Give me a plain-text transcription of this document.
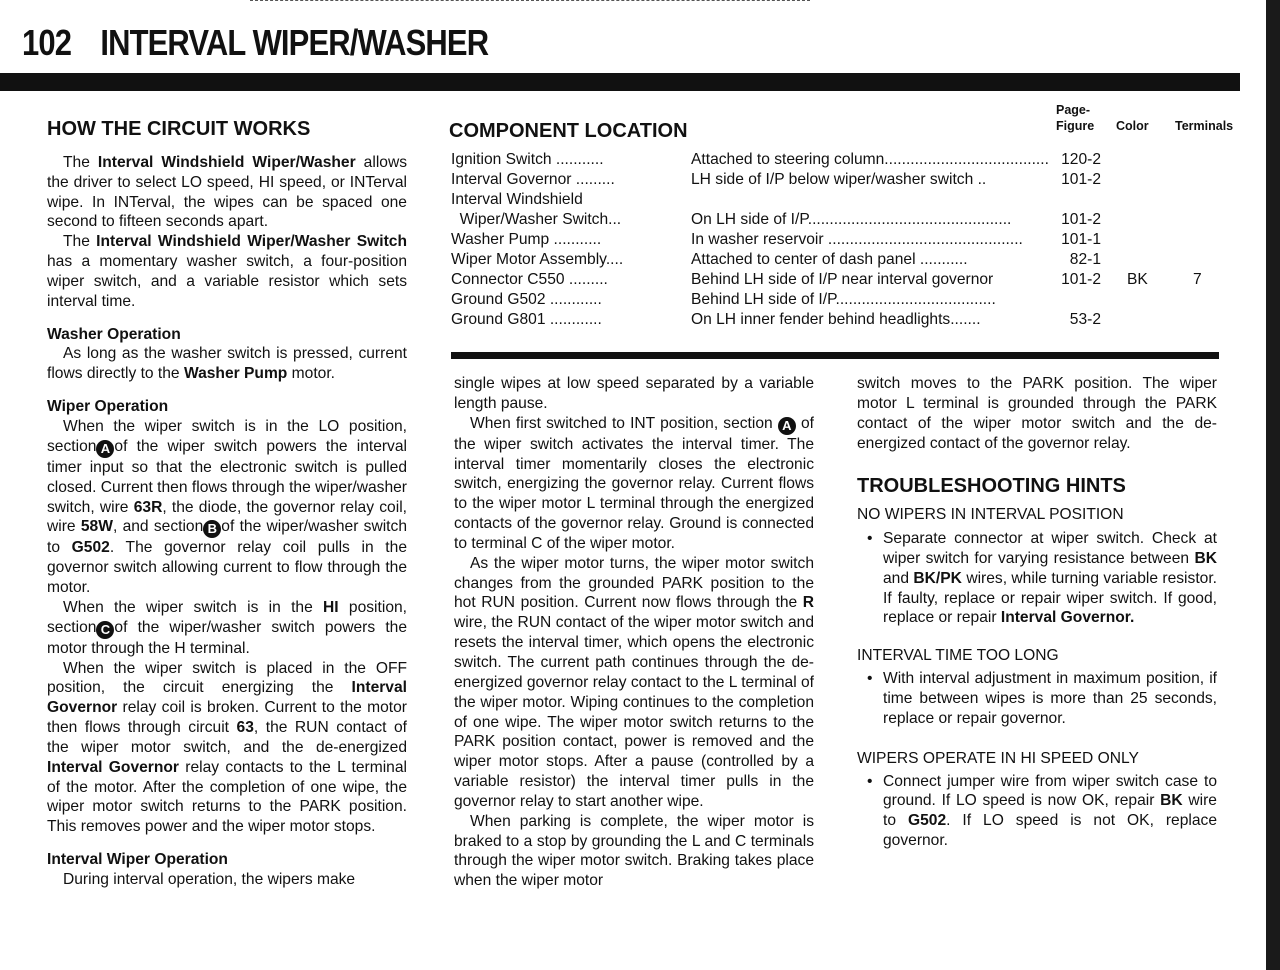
102 INTERVAL WIPER/WASHER
HOW THE CIRCUIT WORKS

The Interval Windshield Wiper/Washer allows the driver to select LO speed, HI speed, or INTerval wipe. In INTerval, the wipes can be spaced one second to fifteen seconds apart.

The Interval Windshield Wiper/Washer Switch has a momentary washer switch, a four-position wiper switch, and a variable resistor which sets interval time.

Washer Operation

As long as the washer switch is pressed, current flows directly to the Washer Pump motor.

Wiper Operation

When the wiper switch is in the LO position, section A of the wiper switch powers the interval timer input so that the electronic switch is pulled closed. Current then flows through the wiper/washer switch, wire 63R, the diode, the governor relay coil, wire 58W, and section B of the wiper/washer switch to G502. The governor relay coil pulls in the governor switch allowing current to flow through the motor.

When the wiper switch is in the HI position, section C of the wiper/washer switch powers the motor through the H terminal.

When the wiper switch is placed in the OFF position, the circuit energizing the Interval Governor relay coil is broken. Current to the motor then flows through circuit 63, the RUN contact of the wiper motor switch, and the de-energized Interval Governor relay contacts to the L terminal of the motor. After the completion of one wipe, the wiper motor switch returns to the PARK position. This removes power and the wiper motor stops.

Interval Wiper Operation

During interval operation, the wipers make

COMPONENT LOCATION
Page-
Figure Color Terminals
Ignition Switch ...........	Attached to steering column...................................... 120-2
Interval Governor .........	LH side of I/P below wiper/washer switch ..	101-2
Interval Windshield
Wiper/Washer Switch...	On LH side of I/P...............................................	101-2
Washer Pump ...........	In washer reservoir .............................................	101-1
Wiper Motor Assembly....	Attached to center of dash panel ...........	82-1
Connector C550 .........	Behind LH side of I/P near interval governor	101-2 BK	7
Ground G502 ............	Behind LH side of I/P.....................................
Ground G801 ............	On LH inner fender behind headlights.......	53-2

single wipes at low speed separated by a variable length pause.

When first switched to INT position, section A of the wiper switch activates the interval timer. The interval timer momentarily closes the electronic switch, energizing the governor relay. Current flows to the wiper motor L terminal through the energized contacts of the governor relay. Ground is connected to terminal C of the wiper motor.

As the wiper motor turns, the wiper motor switch changes from the grounded PARK position to the hot RUN position. Current now flows through the R wire, the RUN contact of the wiper motor switch and resets the interval timer, which opens the electronic switch. The current path continues through the de-energized governor relay contact to the L terminal of the wiper motor. Wiping continues to the completion of one wipe. The wiper motor switch returns to the PARK position contact, power is removed and the wiper motor stops. After a pause (controlled by a variable resistor) the interval timer pulls in the governor relay to start another wipe.

When parking is complete, the wiper motor is braked to a stop by grounding the L and C terminals through the wiper motor switch. Braking takes place when the wiper motor

switch moves to the PARK position. The wiper motor L terminal is grounded through the PARK contact of the wiper motor switch and the de-energized contact of the governor relay.

TROUBLESHOOTING HINTS
NO WIPERS IN INTERVAL POSITION
• Separate connector at wiper switch. Check at wiper switch for varying resistance between BK and BK/PK wires, while turning variable resistor. If faulty, replace or repair wiper switch. If good, replace or repair Interval Governor.
INTERVAL TIME TOO LONG
• With interval adjustment in maximum position, if time between wipes is more than 25 seconds, replace or repair governor.
WIPERS OPERATE IN HI SPEED ONLY
• Connect jumper wire from wiper switch case to ground. If LO speed is now OK, repair BK wire to G502. If LO speed is not OK, replace governor.
